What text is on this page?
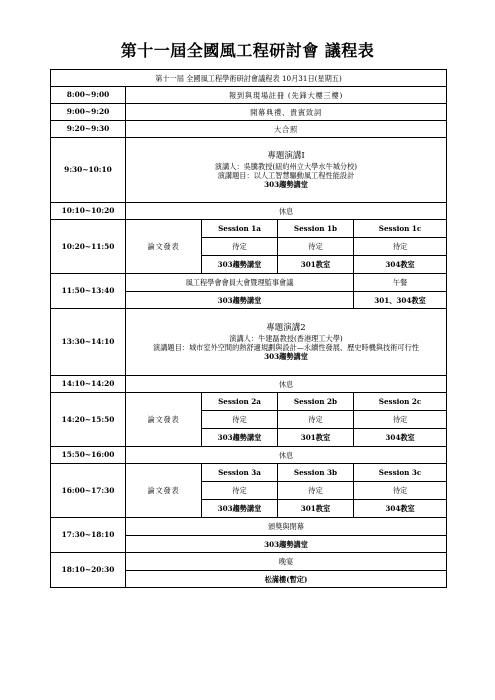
第十一屆全國風工程研討會 議程表
第十一屆 全國風工程學術研討會議程表 10月31日(星期五)				
8:00~9:00	報到與現場註冊 (先鋒大樓三樓)			
9:00~9:20	開幕典禮、貴賓致詞			
9:20~9:30	大合照			
9:30~10:10	專題演講Ⅰ
演講人：吳騰教授(紐約州立大學水牛城分校)
演講題目：以人工智慧驅動風工程性能設計
303趨勢講堂			

10:10~10:20	休息			
10:20~11:50	論文發表	Session 1a	Session 1b	Session 1c
		待定	待定	待定
		303趨勢講堂	301教室	304教室
11:50~13:40	風工程學會會員大會暨理監事會議			午餐
	303趨勢講堂			301、304教室
13:30~14:10	專題演講2
演講人：牛建磊教授(香港理工大學)
演講題目：城市室外空間的熱舒適規劃與設計—永續性發展、歷史時機與技術可行性
303趨勢講堂			

14:10~14:20	休息			
14:20~15:50	論文發表	Session 2a	Session 2b	Session 2c
		待定	待定	待定
		303趨勢講堂	301教室	304教室
15:50~16:00	休息			
16:00~17:30	論文發表	Session 3a	Session 3b	Session 3c
		待定	待定	待定
		303趨勢講堂	301教室	304教室
17:30~18:10	頒獎與閉幕			
	303趨勢講堂			
18:10~20:30	晚宴			
	松滿樓(暫定)			
